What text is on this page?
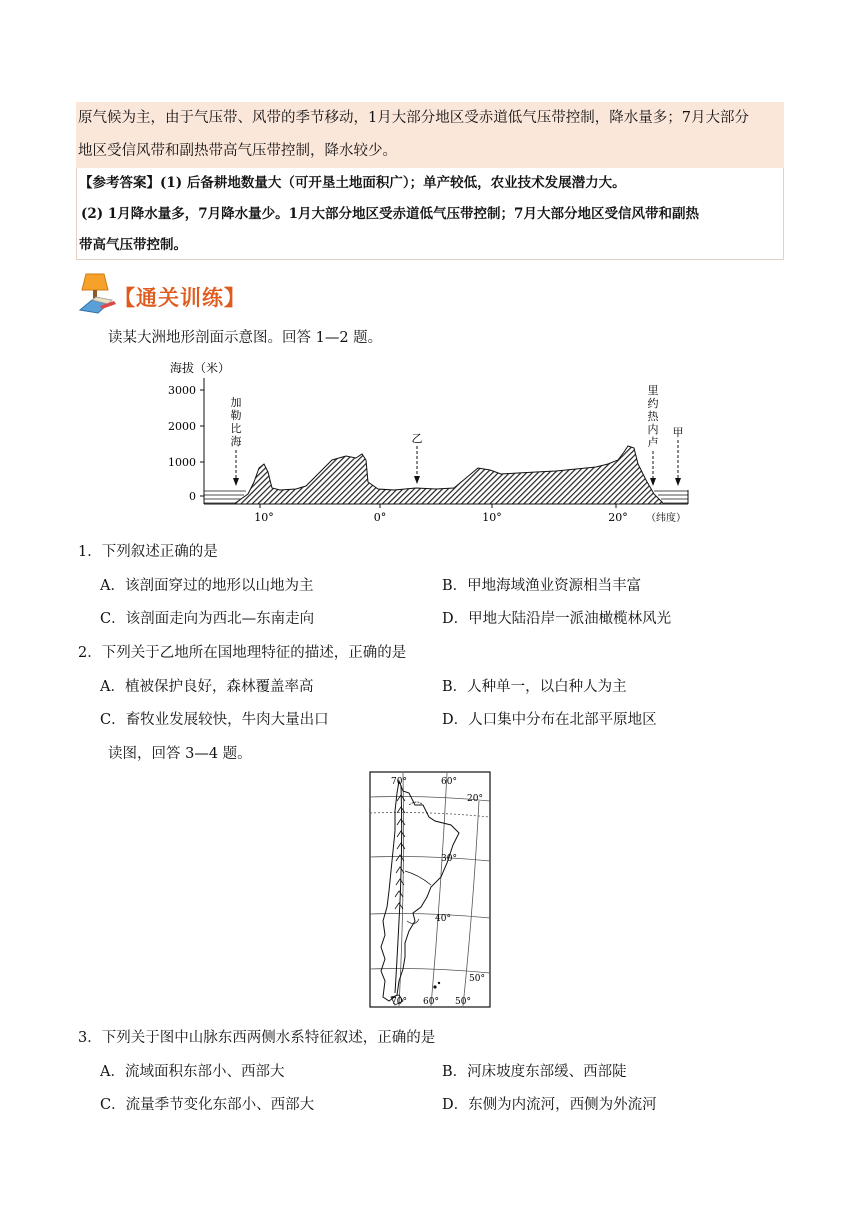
原气候为主，由于气压带、风带的季节移动，1月大部分地区受赤道低气压带控制，降水量多；7月大部分

地区受信风带和副热带高气压带控制，降水较少。

【参考答案】(1) 后备耕地数量大（可开垦土地面积广）；单产较低，农业技术发展潜力大。

(2) 1月降水量多，7月降水量少。1月大部分地区受赤道低气压带控制；7月大部分地区受信风带和副热

带高气压带控制。

【通关训练】
读某大洲地形剖面示意图。回答 1—2 题。
海拔（米）
3000
2000
1000
0
10°	0°	10°	20° （纬度）
加
勒
比
海	乙
里
约
热
内
卢
甲
1．下列叙述正确的是
A．该剖面穿过的地形以山地为主	B．甲地海域渔业资源相当丰富
C．该剖面走向为西北—东南走向	D．甲地大陆沿岸一派油橄榄林风光
2．下列关于乙地所在国地理特征的描述，正确的是
A．植被保护良好，森林覆盖率高	B．人种单一，以白种人为主
C．畜牧业发展较快，牛肉大量出口	D．人口集中分布在北部平原地区
读图，回答 3—4 题。
70°	60°
70° 60° 50°
20°
30°
40°
50°
3．下列关于图中山脉东西两侧水系特征叙述，正确的是
A．流域面积东部小、西部大	B．河床坡度东部缓、西部陡
C．流量季节变化东部小、西部大	D．东侧为内流河，西侧为外流河
